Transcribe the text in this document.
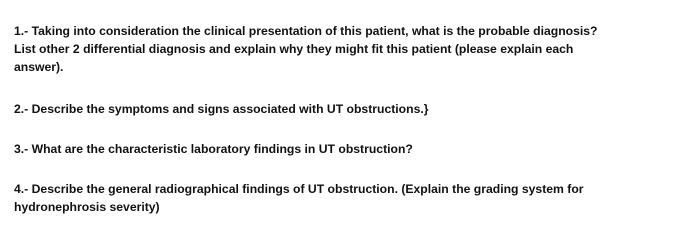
1.- Taking into consideration the clinical presentation of this patient, what is the probable diagnosis?
List other 2 differential diagnosis and explain why they might fit this patient (please explain each
answer).
2.- Describe the symptoms and signs associated with UT obstructions.}
3.- What are the characteristic laboratory findings in UT obstruction?
4.- Describe the general radiographical findings of UT obstruction. (Explain the grading system for
hydronephrosis severity)
